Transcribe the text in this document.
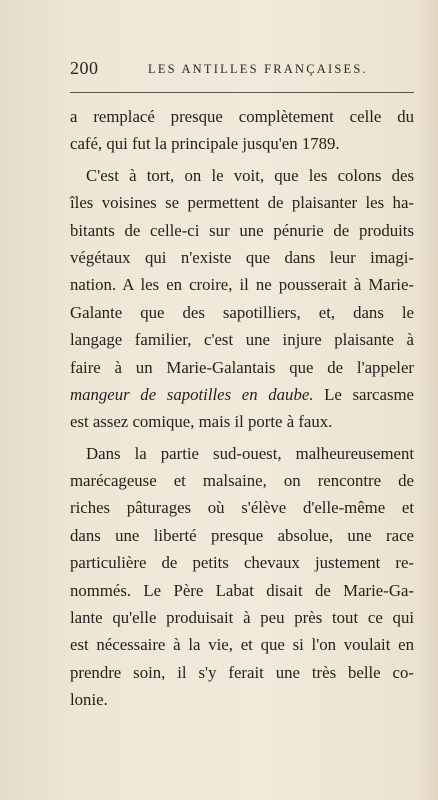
200	LES ANTILLES FRANÇAISES.
a remplacé presque complètement celle du
café, qui fut la principale jusqu'en 1789.
C'est à tort, on le voit, que les colons des
îles voisines se permettent de plaisanter les ha-
bitants de celle-ci sur une pénurie de produits
végétaux qui n'existe que dans leur imagi-
nation. A les en croire, il ne pousserait à Marie-
Galante que des sapotilliers, et, dans le
langage familier, c'est une injure plaisante à
faire à un Marie-Galantais que de l'appeler
mangeur de sapotilles en daube. Le sarcasme
est assez comique, mais il porte à faux.
Dans la partie sud-ouest, malheureusement
marécageuse et malsaine, on rencontre de
riches pâturages où s'élève d'elle-même et
dans une liberté presque absolue, une race
particulière de petits chevaux justement re-
nommés. Le Père Labat disait de Marie-Ga-
lante qu'elle produisait à peu près tout ce qui
est nécessaire à la vie, et que si l'on voulait en
prendre soin, il s'y ferait une très belle co-
lonie.
